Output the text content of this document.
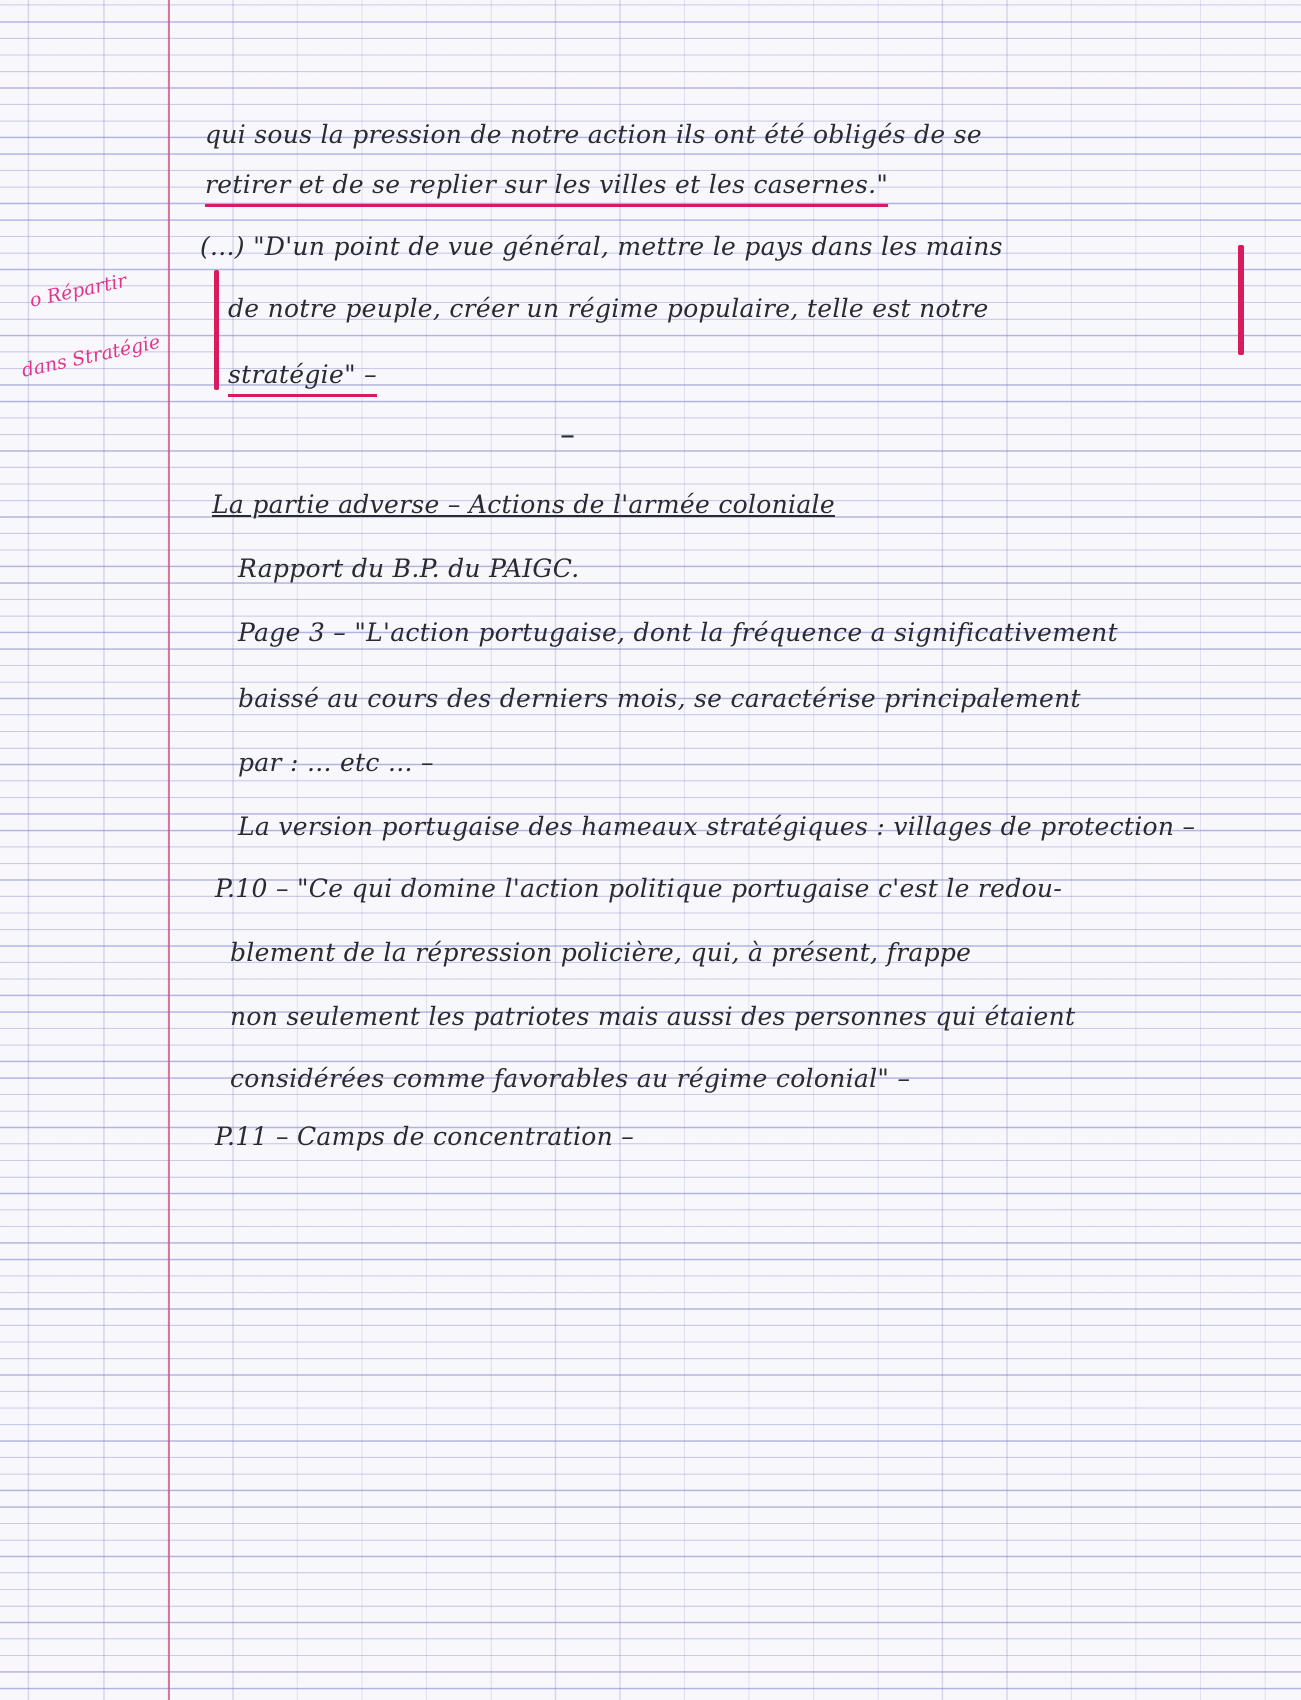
o Répartir

dans Stratégie

qui sous la pression de notre action ils ont été obligés de se

retirer et de se replier sur les villes et les casernes."

(...) "D'un point de vue général, mettre le pays dans les mains

de notre peuple, créer un régime populaire, telle est notre

stratégie" –

–

La partie adverse – Actions de l'armée coloniale

Rapport du B.P. du PAIGC.

Page 3 – "L'action portugaise, dont la fréquence a significativement

baissé au cours des derniers mois, se caractérise principalement

par : ... etc ... –

La version portugaise des hameaux stratégiques : villages de protection –

P.10 – "Ce qui domine l'action politique portugaise c'est le redou-

blement de la répression policière, qui, à présent, frappe

non seulement les patriotes mais aussi des personnes qui étaient

considérées comme favorables au régime colonial" –

P.11 – Camps de concentration –
